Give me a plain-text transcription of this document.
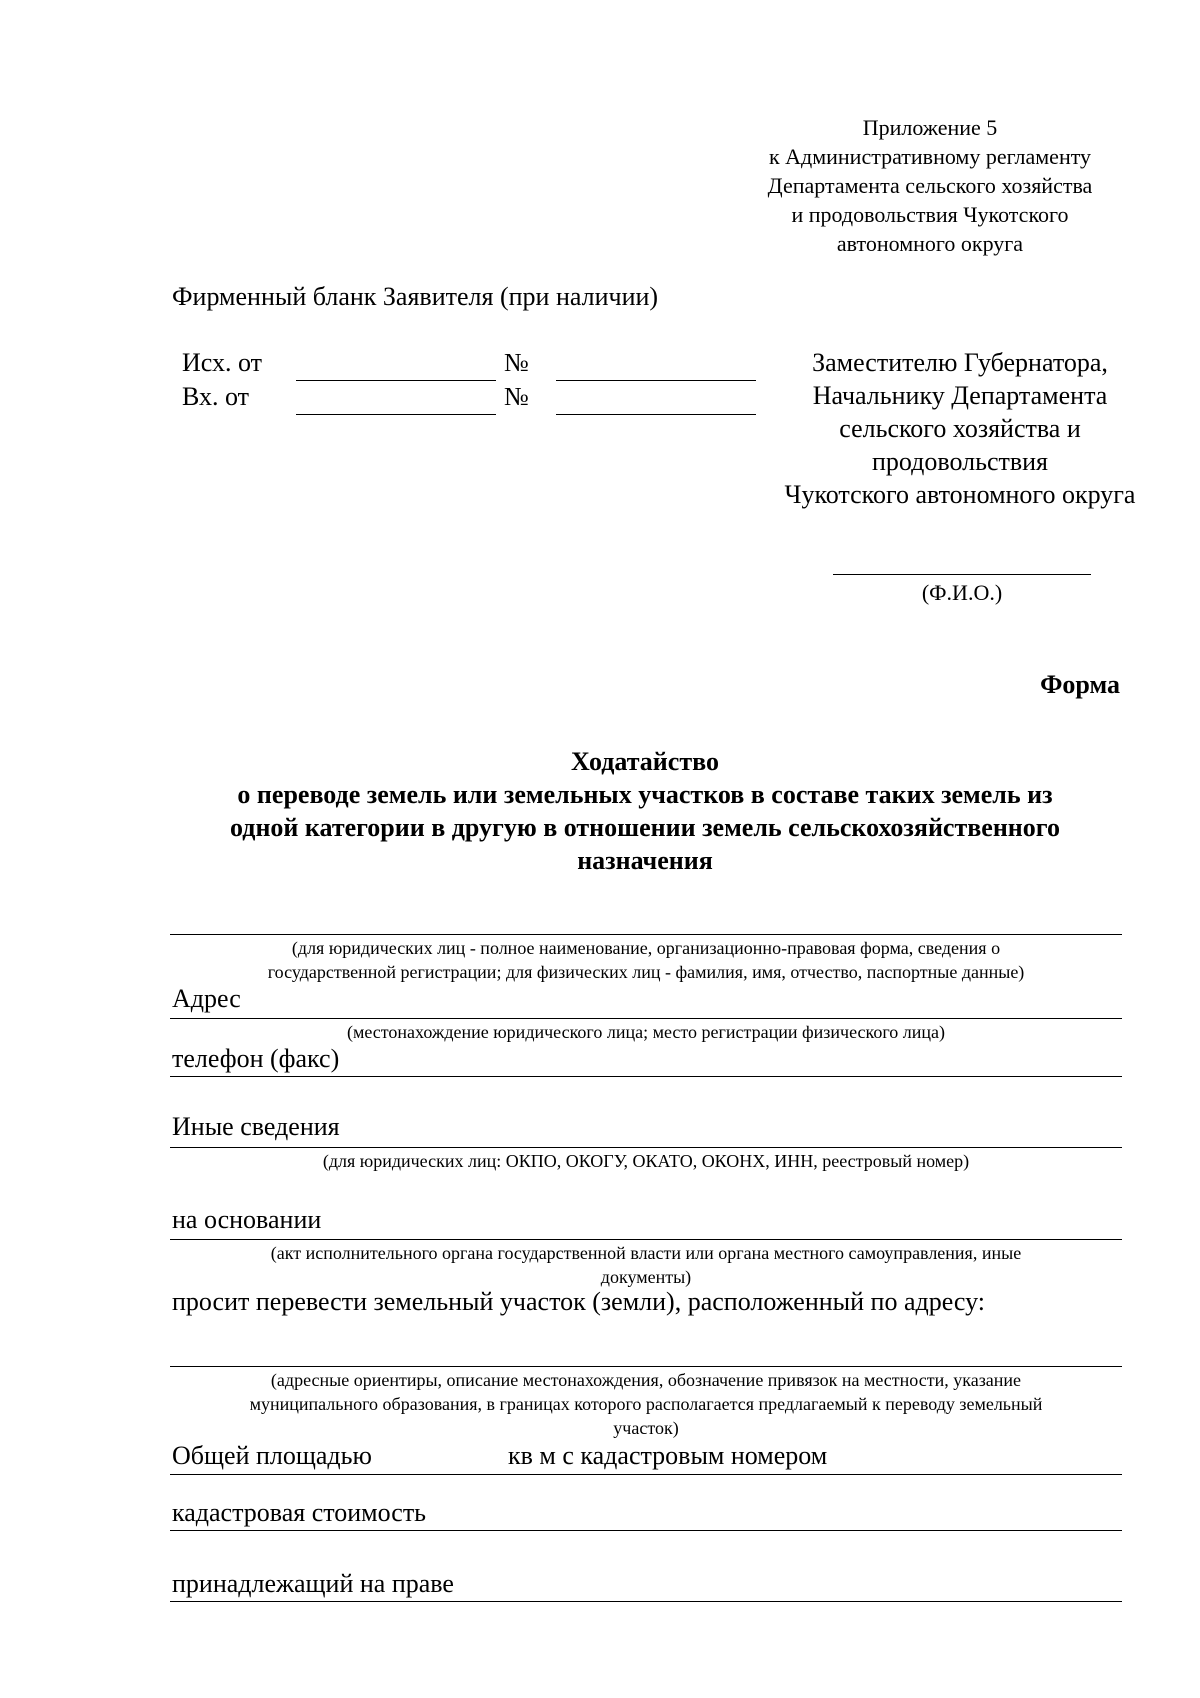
Приложение 5
к Административному регламенту
Департамента сельского хозяйства
и продовольствия Чукотского
автономного округа
Фирменный бланк Заявителя (при наличии)
Исх. от	№
Вх. от	№
Заместителю Губернатора,
Начальнику Департамента
сельского хозяйства и
продовольствия
Чукотского автономного округа
(Ф.И.О.)
Форма
Ходатайство
о переводе земель или земельных участков в составе таких земель из
одной категории в другую в отношении земель сельскохозяйственного
назначения
(для юридических лиц - полное наименование, организационно-правовая форма, сведения о
государственной регистрации; для физических лиц - фамилия, имя, отчество, паспортные данные)
Адрес
(местонахождение юридического лица; место регистрации физического лица)
телефон (факс)
Иные сведения
(для юридических лиц: ОКПО, ОКОГУ, ОКАТО, ОКОНХ, ИНН, реестровый номер)
на основании
(акт исполнительного органа государственной власти или органа местного самоуправления, иные
документы)
просит перевести земельный участок (земли), расположенный по адресу:
(адресные ориентиры, описание местонахождения, обозначение привязок на местности, указание
муниципального образования, в границах которого располагается предлагаемый к переводу земельный
участок)
Общей площадью	кв м с кадастровым номером
кадастровая стоимость
принадлежащий на праве
